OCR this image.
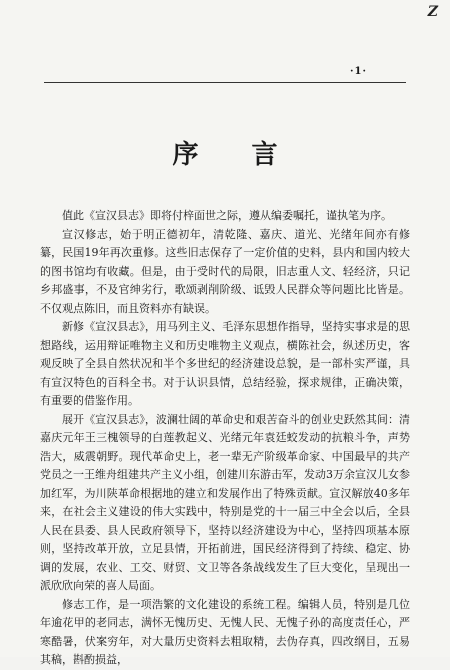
Z
·1·
序 言

值此《宣汉县志》即将付梓面世之际，遵从编委嘱托，谨执笔为序。

宣汉修志，始于明正德初年，清乾隆、嘉庆、道光、光绪年间亦有修纂，民国19年再次重修。这些旧志保存了一定价值的史料，县内和国内较大的图书馆均有收藏。但是，由于受时代的局限，旧志重人文、轻经济，只记乡邦盛事，不及官绅劣行，歌颂剥削阶级、诋毁人民群众等问题比比皆是。不仅观点陈旧，而且资料亦有缺误。

新修《宣汉县志》，用马列主义、毛泽东思想作指导，坚持实事求是的思想路线，运用辩证唯物主义和历史唯物主义观点，横陈社会，纵述历史，客观反映了全县自然状况和半个多世纪的经济建设总貌，是一部朴实严谨，具有宣汉特色的百科全书。对于认识县情，总结经验，探求规律，正确决策，有重要的借鉴作用。

展开《宣汉县志》，波澜壮阔的革命史和艰苦奋斗的创业史跃然其间：清嘉庆元年王三槐领导的白莲教起义、光绪元年袁廷蛟发动的抗粮斗争，声势浩大，威震朝野。现代革命史上，老一辈无产阶级革命家、中国最早的共产党员之一王维舟组建共产主义小组，创建川东游击军，发动3万余宣汉儿女参加红军，为川陕革命根据地的建立和发展作出了特殊贡献。宣汉解放40多年来，在社会主义建设的伟大实践中，特别是党的十一届三中全会以后，全县人民在县委、县人民政府领导下，坚持以经济建设为中心，坚持四项基本原则，坚持改革开放，立足县情，开拓前进，国民经济得到了持续、稳定、协调的发展，农业、工交、财贸、文卫等各条战线发生了巨大变化，呈现出一派欣欣向荣的喜人局面。

修志工作，是一项浩繁的文化建设的系统工程。编辑人员，特别是几位年逾花甲的老同志，满怀无愧历史、无愧人民、无愧子孙的高度责任心，严寒酷暑，伏案穷年，对大量历史资料去粗取精，去伪存真，四改纲目，五易其稿，斟酌损益，
